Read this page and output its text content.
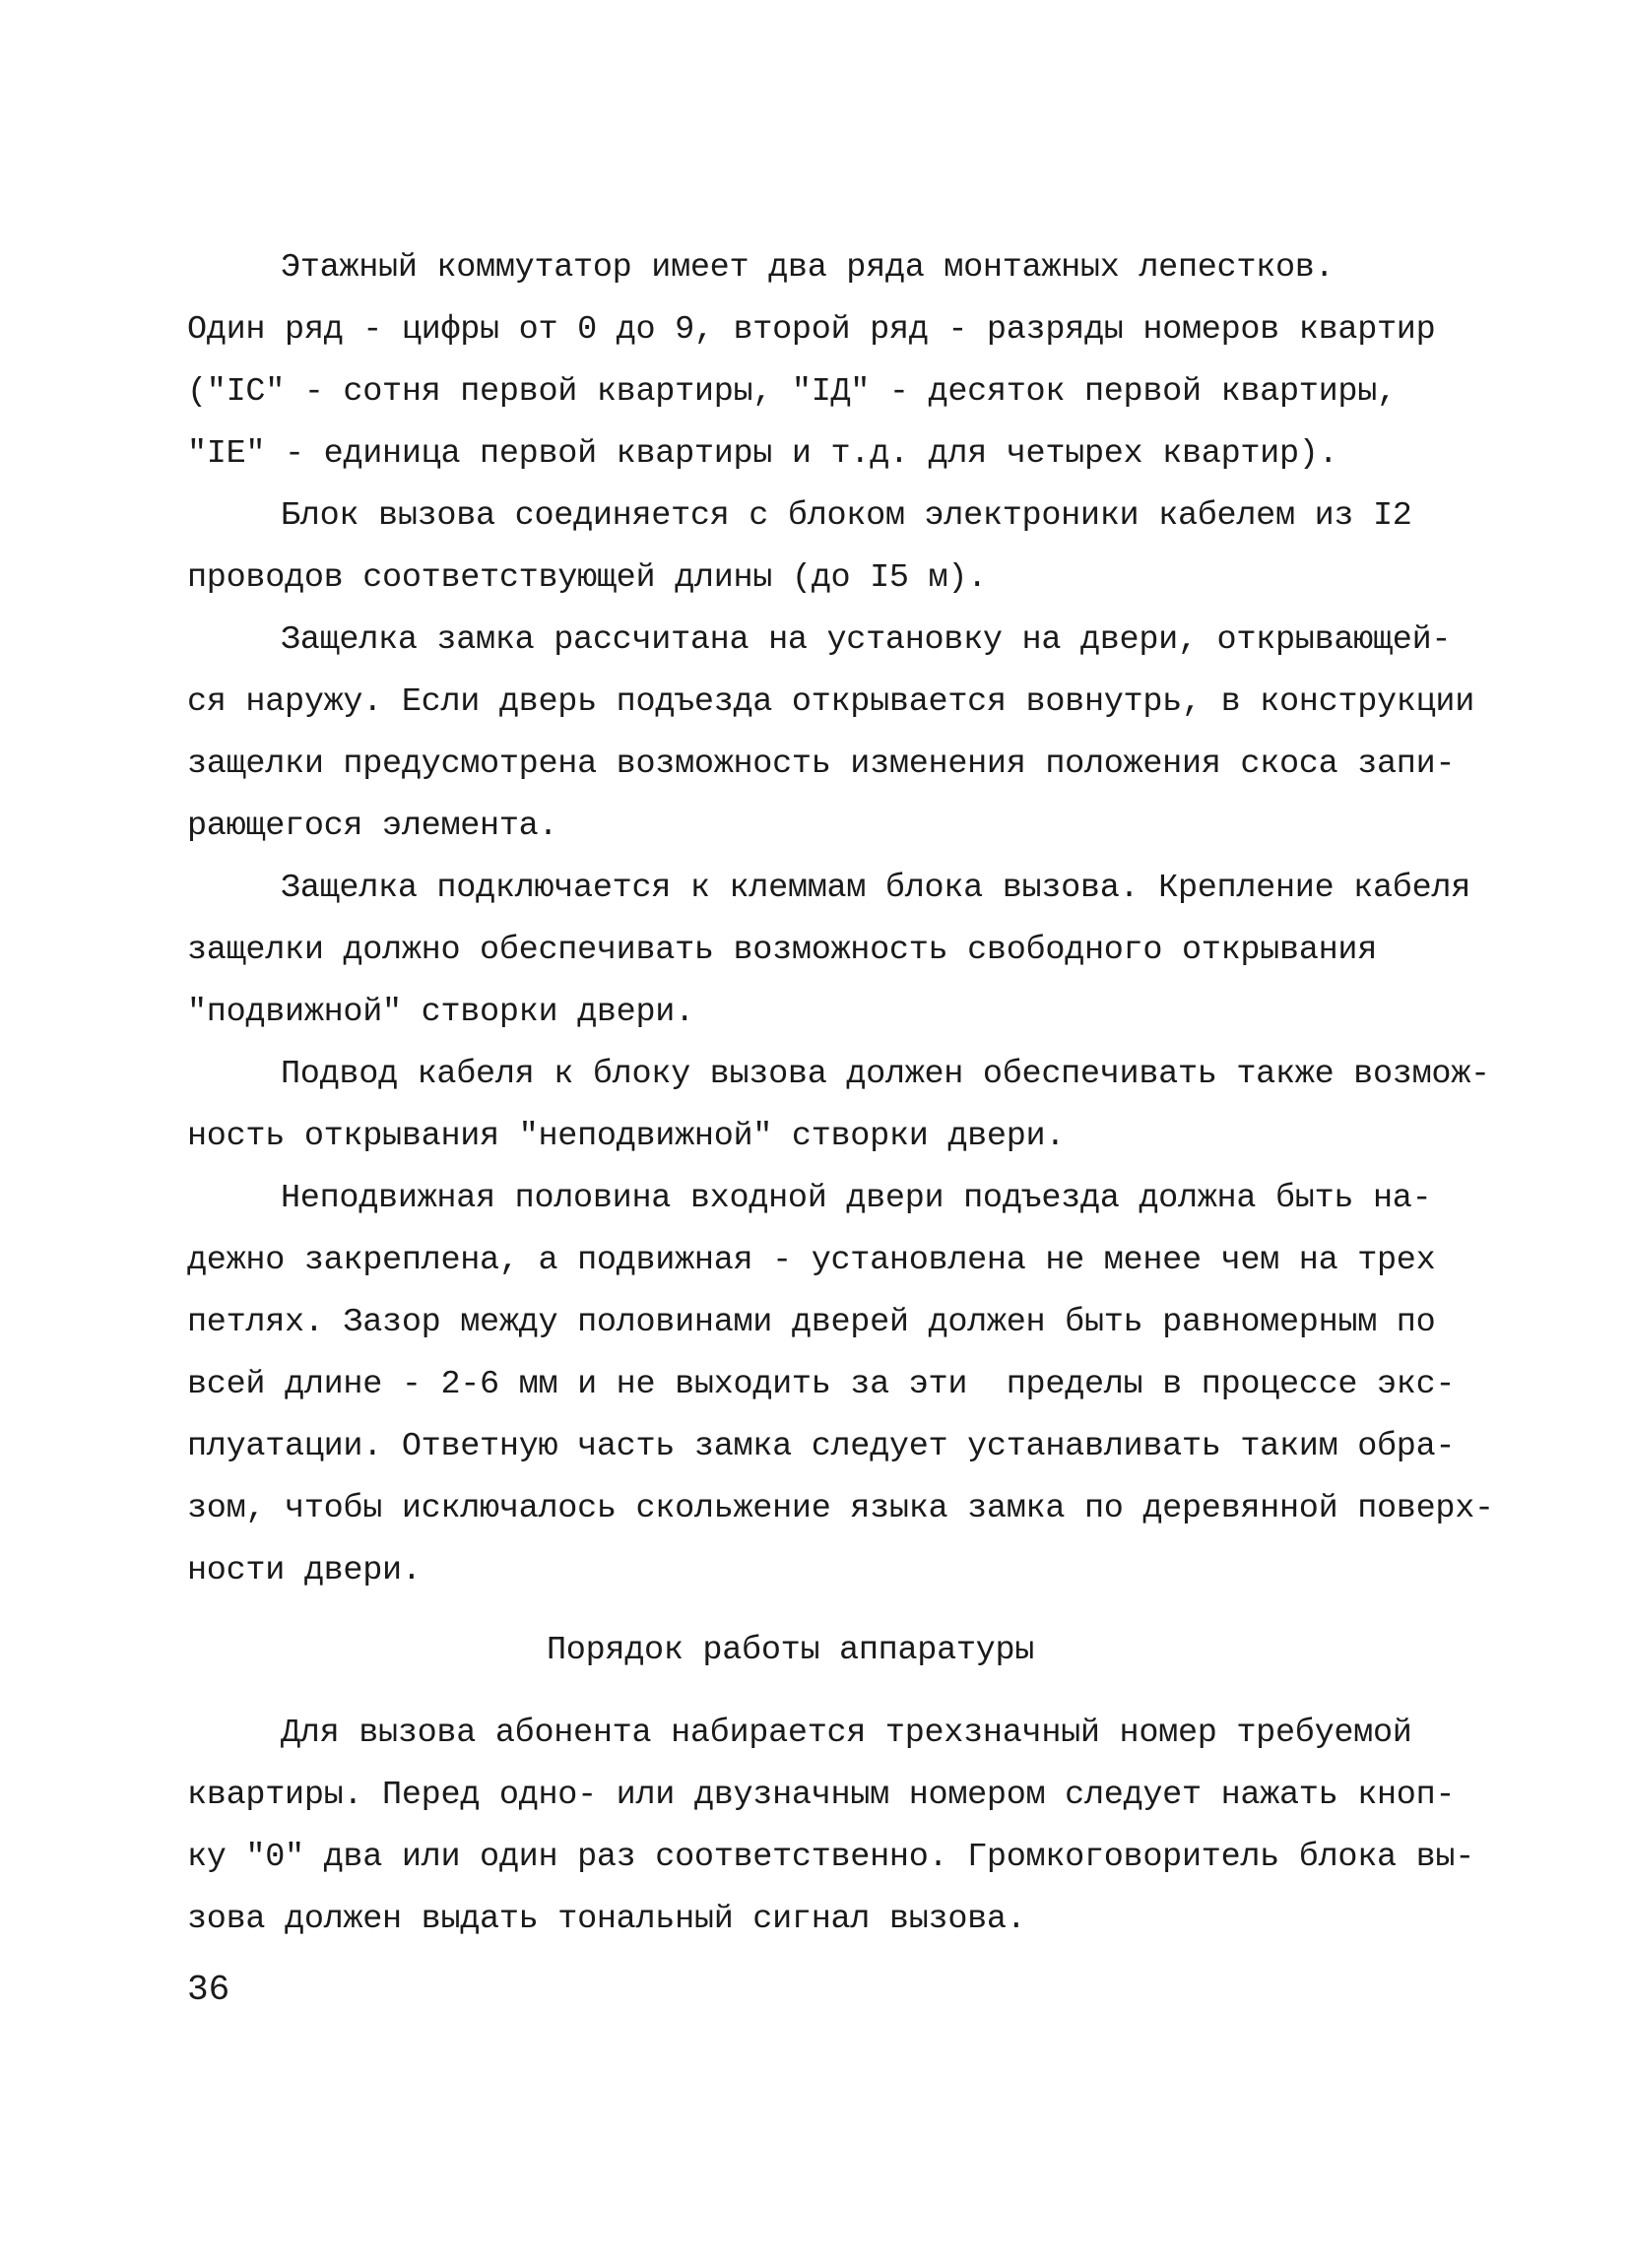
Этажный коммутатор имеет два ряда монтажных лепестков.
Один ряд - цифры от 0 до 9, второй ряд - разряды номеров квартир
("IC" - сотня первой квартиры, "IД" - десяток первой квартиры,
"IE" - единица первой квартиры и т.д. для четырех квартир).
Блок вызова соединяется с блоком электроники кабелем из I2
проводов соответствующей длины (до I5 м).
Защелка замка рассчитана на установку на двери, открывающей-
ся наружу. Если дверь подъезда открывается вовнутрь, в конструкции
защелки предусмотрена возможность изменения положения скоса запи-
рающегося элемента.
Защелка подключается к клеммам блока вызова. Крепление кабеля
защелки должно обеспечивать возможность свободного открывания
"подвижной" створки двери.
Подвод кабеля к блоку вызова должен обеспечивать также возмож-
ность открывания "неподвижной" створки двери.
Неподвижная половина входной двери подъезда должна быть на-
дежно закреплена, а подвижная - установлена не менее чем на трех
петлях. Зазор между половинами дверей должен быть равномерным по
всей длине - 2-6 мм и не выходить за эти  пределы в процессе экс-
плуатации. Ответную часть замка следует устанавливать таким обра-
зом, чтобы исключалось скольжение языка замка по деревянной поверх-
ности двери.
Порядок работы аппаратуры
Для вызова абонента набирается трехзначный номер требуемой
квартиры. Перед одно- или двузначным номером следует нажать кноп-
ку "0" два или один раз соответственно. Громкоговоритель блока вы-
зова должен выдать тональный сигнал вызова.
36
